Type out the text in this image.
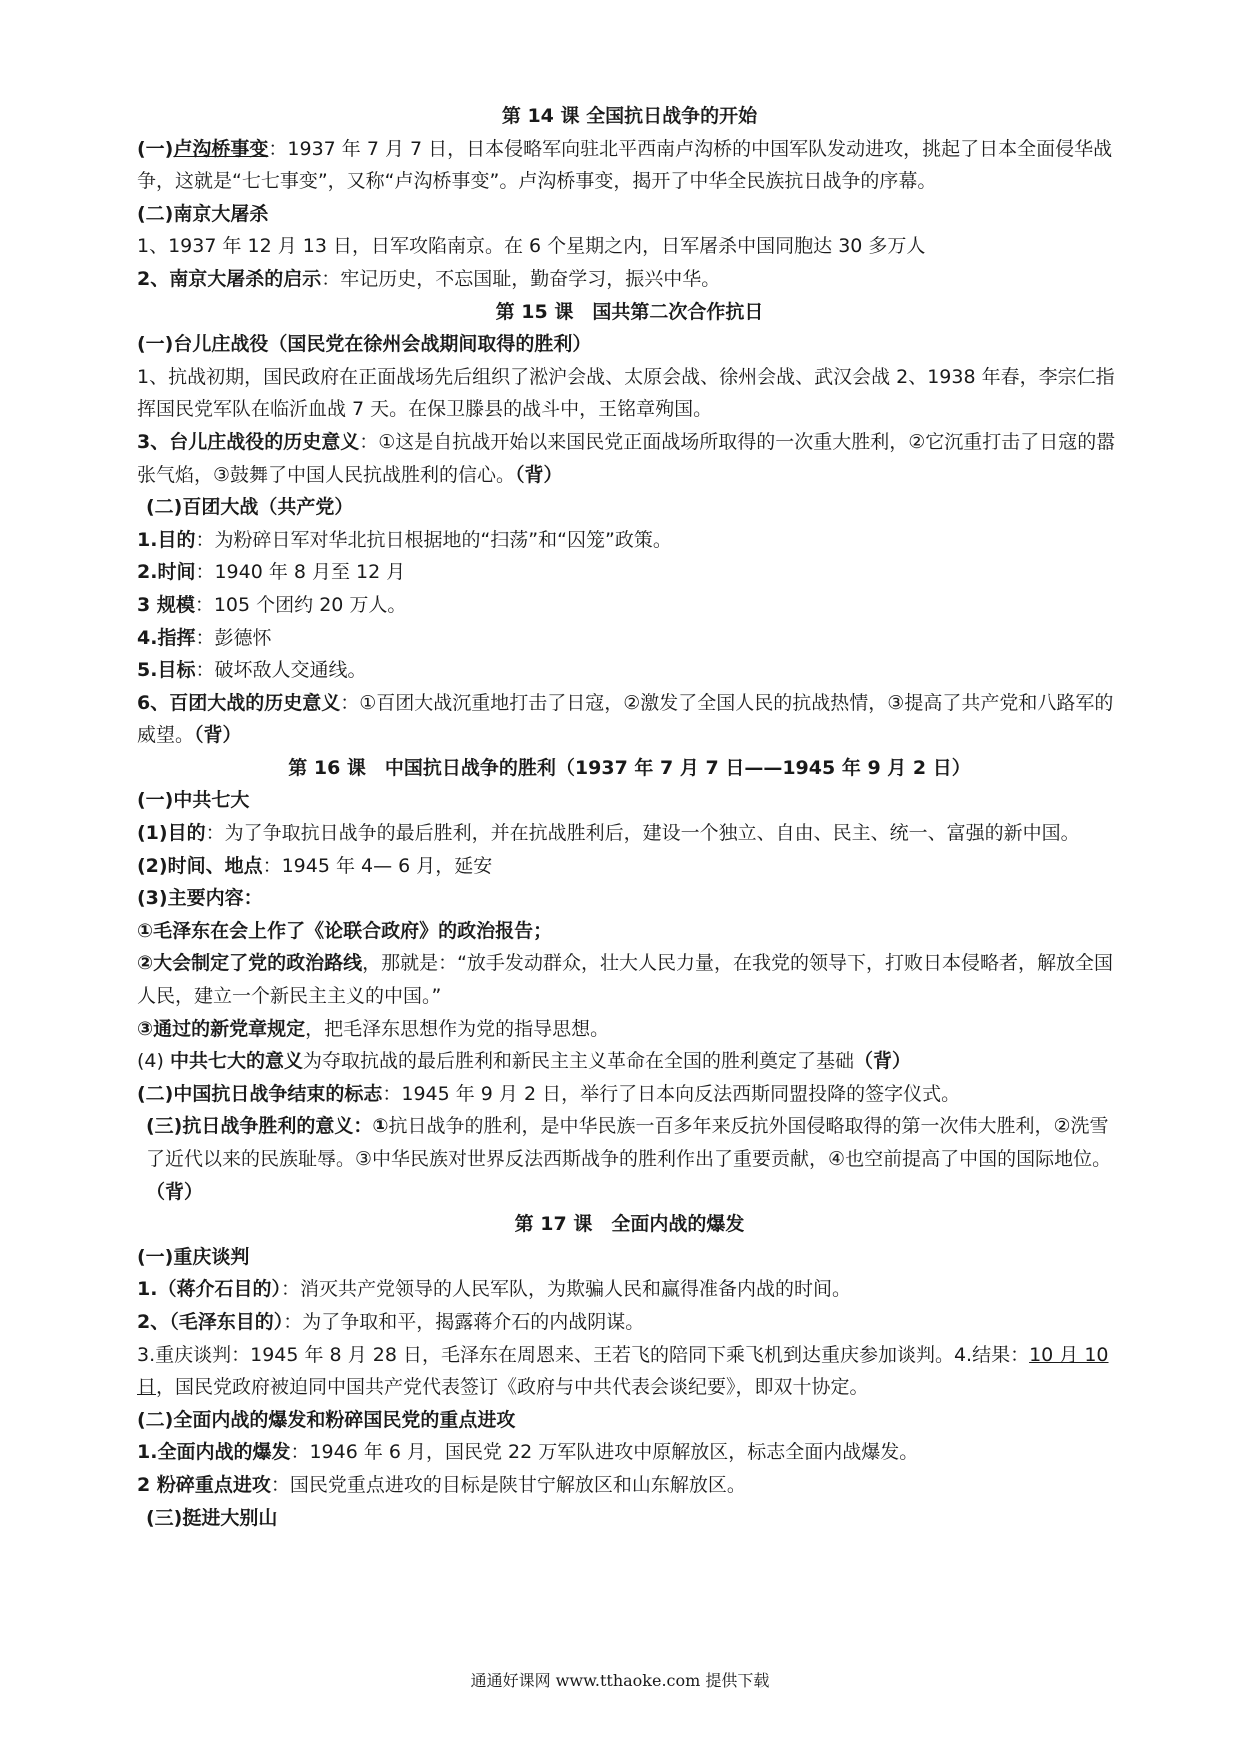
第 14 课 全国抗日战争的开始

(一)卢沟桥事变：1937 年 7 月 7 日，日本侵略军向驻北平西南卢沟桥的中国军队发动进攻，挑起了日本全面侵华战争，这就是“七七事变”，又称“卢沟桥事变”。卢沟桥事变，揭开了中华全民族抗日战争的序幕。

(二)南京大屠杀

1、1937 年 12 月 13 日，日军攻陷南京。在 6 个星期之内，日军屠杀中国同胞达 30 多万人

2、南京大屠杀的启示：牢记历史，不忘国耻，勤奋学习，振兴中华。

第 15 课　国共第二次合作抗日

(一)台儿庄战役（国民党在徐州会战期间取得的胜利）

1、抗战初期，国民政府在正面战场先后组织了淞沪会战、太原会战、徐州会战、武汉会战 2、1938 年春，李宗仁指挥国民党军队在临沂血战 7 天。在保卫滕县的战斗中，王铭章殉国。

3、台儿庄战役的历史意义：①这是自抗战开始以来国民党正面战场所取得的一次重大胜利，②它沉重打击了日寇的嚣张气焰，③鼓舞了中国人民抗战胜利的信心。（背）

(二)百团大战（共产党）

1.目的：为粉碎日军对华北抗日根据地的“扫荡”和“囚笼”政策。

2.时间：1940 年 8 月至 12 月

3 规模：105 个团约 20 万人。

4.指挥：彭德怀

5.目标：破坏敌人交通线。

6、百团大战的历史意义：①百团大战沉重地打击了日寇，②激发了全国人民的抗战热情，③提高了共产党和八路军的威望。（背）

第 16 课　中国抗日战争的胜利（1937 年 7 月 7 日——1945 年 9 月 2 日）

(一)中共七大

(1)目的：为了争取抗日战争的最后胜利，并在抗战胜利后，建设一个独立、自由、民主、统一、富强的新中国。

(2)时间、地点：1945 年 4— 6 月，延安

(3)主要内容：

①毛泽东在会上作了《论联合政府》的政治报告；

②大会制定了党的政治路线，那就是：“放手发动群众，壮大人民力量，在我党的领导下，打败日本侵略者，解放全国人民，建立一个新民主主义的中国。”

③通过的新党章规定，把毛泽东思想作为党的指导思想。

(4) 中共七大的意义为夺取抗战的最后胜利和新民主主义革命在全国的胜利奠定了基础（背）

(二)中国抗日战争结束的标志：1945 年 9 月 2 日，举行了日本向反法西斯同盟投降的签字仪式。

(三)抗日战争胜利的意义：①抗日战争的胜利，是中华民族一百多年来反抗外国侵略取得的第一次伟大胜利，②洗雪了近代以来的民族耻辱。③中华民族对世界反法西斯战争的胜利作出了重要贡献，④也空前提高了中国的国际地位。（背）

第 17 课　全面内战的爆发

(一)重庆谈判

1.（蒋介石目的）：消灭共产党领导的人民军队，为欺骗人民和赢得准备内战的时间。

2、（毛泽东目的）：为了争取和平，揭露蒋介石的内战阴谋。

3.重庆谈判：1945 年 8 月 28 日，毛泽东在周恩来、王若飞的陪同下乘飞机到达重庆参加谈判。4.结果：10 月 10 日，国民党政府被迫同中国共产党代表签订《政府与中共代表会谈纪要》，即双十协定。

(二)全面内战的爆发和粉碎国民党的重点进攻

1.全面内战的爆发：1946 年 6 月，国民党 22 万军队进攻中原解放区，标志全面内战爆发。

2 粉碎重点进攻：国民党重点进攻的目标是陕甘宁解放区和山东解放区。

(三)挺进大别山

通通好课网 www.tthaoke.com 提供下载
